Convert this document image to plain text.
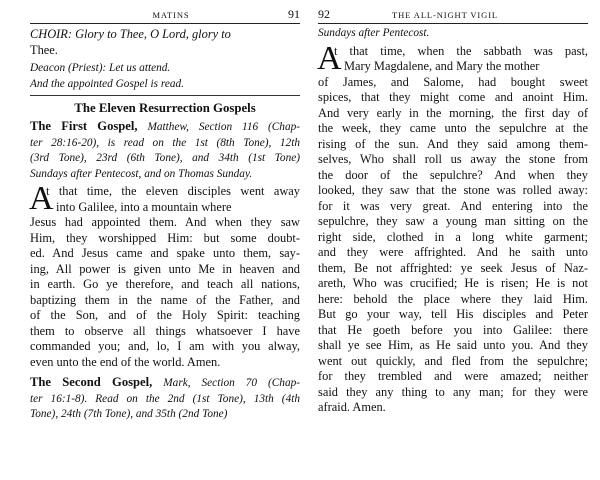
MATINS	91
CHOIR: Glory to Thee, O Lord, glory to
Thee.
Deacon (Priest): Let us attend.
And the appointed Gospel is read.
The Eleven Resurrection Gospels
The First Gospel, Matthew, Section 116 (Chap-
ter 28:16-20), is read on the 1st (8th Tone), 12th
(3rd Tone), 23rd (6th Tone), and 34th (1st Tone)
Sundays after Pentecost, and on Thomas Sunday.
A
t that time, the eleven disciples went away
into Galilee, into a mountain where
Jesus had appointed them. And when they saw
Him, they worshipped Him: but some doubt-
ed. And Jesus came and spake unto them, say-
ing, All power is given unto Me in heaven and
in earth. Go ye therefore, and teach all nations,
baptizing them in the name of the Father, and
of the Son, and of the Holy Spirit: teaching
them to observe all things whatsoever I have
commanded you; and, lo, I am with you alway,
even unto the end of the world. Amen.
The Second Gospel, Mark, Section 70 (Chap-
ter 16:1-8). Read on the 2nd (1st Tone), 13th (4th
Tone), 24th (7th Tone), and 35th (2nd Tone)
92	THE ALL-NIGHT VIGIL
Sundays after Pentecost.
A
t that time, when the sabbath was past,
Mary Magdalene, and Mary the mother
of James, and Salome, had bought sweet
spices, that they might come and anoint Him.
And very early in the morning, the first day of
the week, they came unto the sepulchre at the
rising of the sun. And they said among them-
selves, Who shall roll us away the stone from
the door of the sepulchre? And when they
looked, they saw that the stone was rolled away:
for it was very great. And entering into the
sepulchre, they saw a young man sitting on the
right side, clothed in a long white garment;
and they were affrighted. And he saith unto
them, Be not affrighted: ye seek Jesus of Naz-
areth, Who was crucified; He is risen; He is not
here: behold the place where they laid Him.
But go your way, tell His disciples and Peter
that He goeth before you into Galilee: there
shall ye see Him, as He said unto you. And they
went out quickly, and fled from the sepulchre;
for they trembled and were amazed; neither
said they any thing to any man; for they were
afraid. Amen.
